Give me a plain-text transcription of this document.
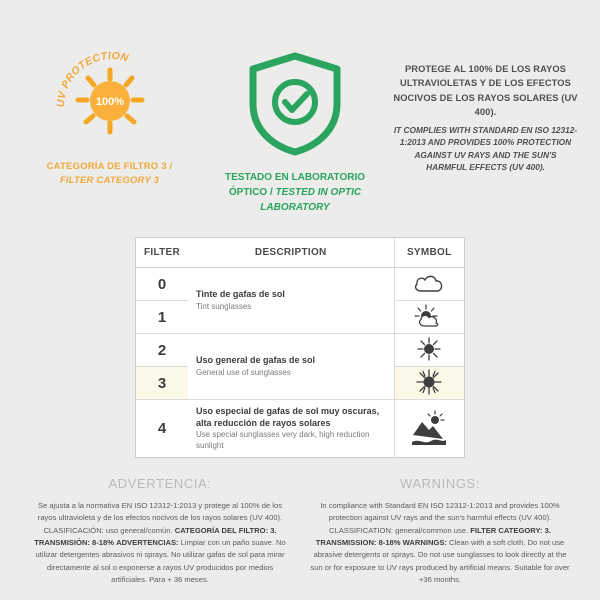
100%
UV PROTECTION
CATEGORÍA DE FILTRO 3 /
FILTER CATEGORY 3	TESTADO EN LABORATORIO ÓPTICO / TESTED IN OPTIC LABORATORY
PROTEGE AL 100% DE LOS RAYOS ULTRAVIOLETAS Y DE LOS EFECTOS NOCIVOS DE LOS RAYOS SOLARES (UV 400).
IT COMPLIES WITH STANDARD EN ISO 12312-1:2013 AND PROVIDES 100% PROTECTION AGAINST UV RAYS AND THE SUN'S HARMFUL EFFECTS (UV 400).
FILTER	DESCRIPTION	SYMBOL
0	Tinte de gafas de sol
Tint sunglasses

1	
2	Uso general de gafas de sol
General use of sunglasses

3	
4	Uso especial de gafas de sol muy oscuras, alta reducción de rayos solares
Use special sunglasses very dark, high reduction sunlight

ADVERTENCIA:
Se ajusta a la normativa EN ISO 12312-1:2013 y protege al 100% de los rayos ultravioleta y de los efectos nocivos de los rayos solares (UV 400). CLASIFICACIÓN: uso general/común. CATEGORÍA DEL FILTRO: 3. TRANSMISIÓN: 8-18% ADVERTENCIAS: Limpiar con un paño suave. No utilizar detergentes abrasivos ni sprays. No utilizar gafas de sol para mirar directamente al sol o exponerse a rayos UV producidos por medios artificiales. Para + 36 meses.
WARNINGS:
In compliance with Standard EN ISO 12312-1:2013 and provides 100% protection against UV rays and the sun's harmful effects (UV 400). CLASSIFICATION: general/common use. FILTER CATEGORY: 3. TRANSMISSION: 8-18% WARNINGS: Clean with a soft cloth. Do not use abrasive detergents or sprays. Do not use sunglasses to look directly at the sun or for exposure to UV rays produced by artificial means. Suitable for over +36 months.
